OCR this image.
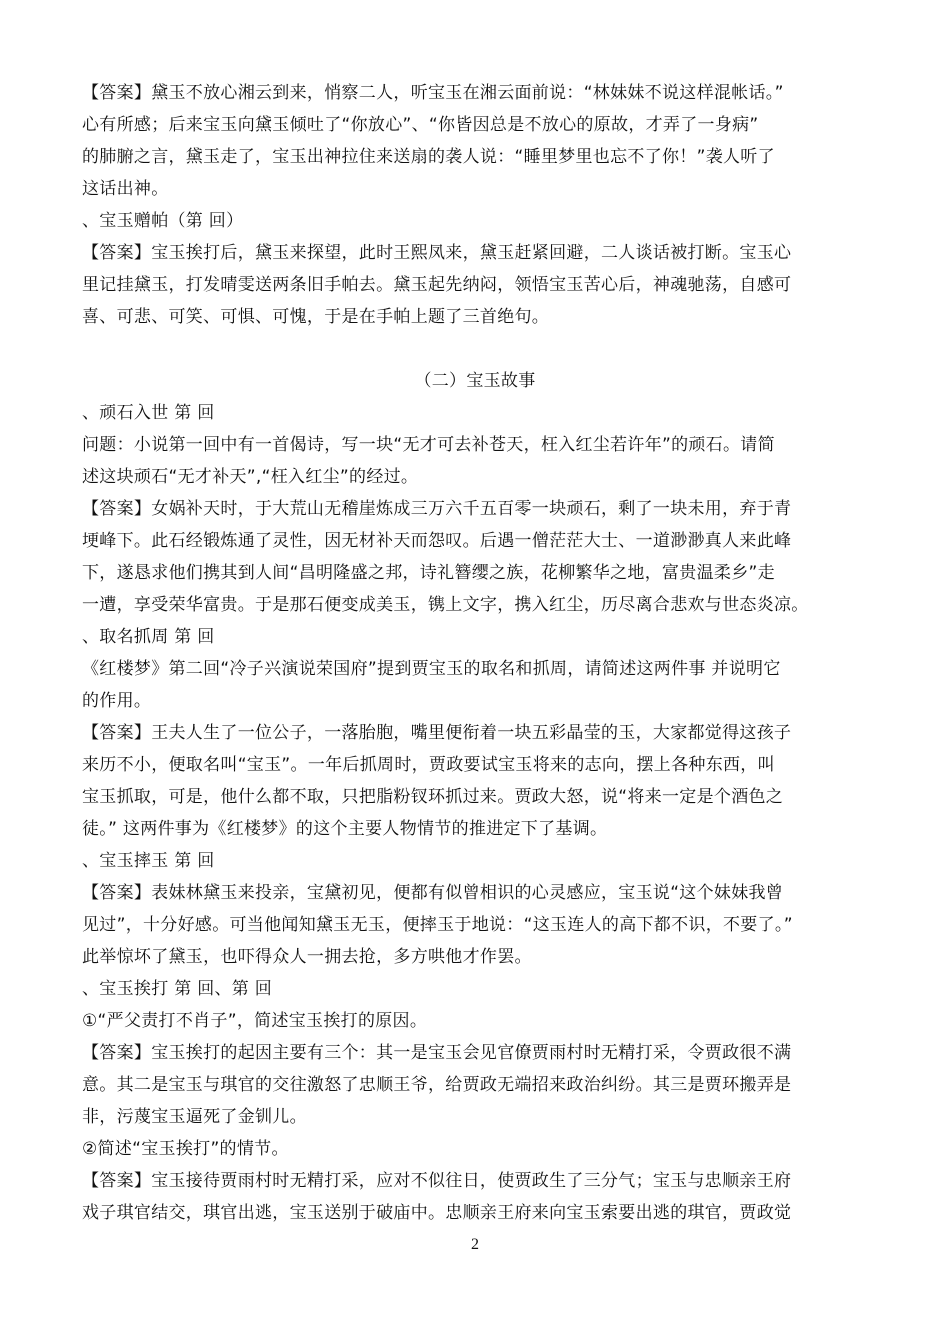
【答案】黛玉不放心湘云到来，悄察二人，听宝玉在湘云面前说：“林妹妹不说这样混帐话。”
心有所感；后来宝玉向黛玉倾吐了“你放心”、“你皆因总是不放心的原故，才弄了一身病”
的肺腑之言，黛玉走了，宝玉出神拉住来送扇的袭人说：“睡里梦里也忘不了你！”袭人听了
这话出神。
、宝玉赠帕（第 回）
【答案】宝玉挨打后，黛玉来探望，此时王熙凤来，黛玉赶紧回避，二人谈话被打断。宝玉心
里记挂黛玉，打发晴雯送两条旧手帕去。黛玉起先纳闷，领悟宝玉苦心后，神魂驰荡，自感可
喜、可悲、可笑、可惧、可愧，于是在手帕上题了三首绝句。
（二）宝玉故事
、顽石入世 第 回
问题：小说第一回中有一首偈诗，写一块“无才可去补苍天，枉入红尘若许年”的顽石。请简
述这块顽石“无才补天”,“枉入红尘”的经过。
【答案】女娲补天时，于大荒山无稽崖炼成三万六千五百零一块顽石，剩了一块未用，弃于青
埂峰下。此石经锻炼通了灵性，因无材补天而怨叹。后遇一僧茫茫大士、一道渺渺真人来此峰
下，遂恳求他们携其到人间“昌明隆盛之邦，诗礼簪缨之族，花柳繁华之地，富贵温柔乡”走
一遭，享受荣华富贵。于是那石便变成美玉，镌上文字，携入红尘，历尽离合悲欢与世态炎凉。
、取名抓周 第 回
《红楼梦》第二回“冷子兴演说荣国府”提到贾宝玉的取名和抓周，请简述这两件事 并说明它
的作用。
【答案】王夫人生了一位公子，一落胎胞，嘴里便衔着一块五彩晶莹的玉，大家都觉得这孩子
来历不小，便取名叫“宝玉”。一年后抓周时，贾政要试宝玉将来的志向，摆上各种东西，叫
宝玉抓取，可是，他什么都不取，只把脂粉钗环抓过来。贾政大怒，说“将来一定是个酒色之
徒。” 这两件事为《红楼梦》的这个主要人物情节的推进定下了基调。
、宝玉摔玉 第 回
【答案】表妹林黛玉来投亲，宝黛初见，便都有似曾相识的心灵感应，宝玉说“这个妹妹我曾
见过”，十分好感。可当他闻知黛玉无玉，便摔玉于地说：“这玉连人的高下都不识，不要了。”
此举惊坏了黛玉，也吓得众人一拥去抢，多方哄他才作罢。
、宝玉挨打 第 回、第 回
①“严父责打不肖子”，简述宝玉挨打的原因。
【答案】宝玉挨打的起因主要有三个：其一是宝玉会见官僚贾雨村时无精打采，令贾政很不满
意。其二是宝玉与琪官的交往激怒了忠顺王爷，给贾政无端招来政治纠纷。其三是贾环搬弄是
非，污蔑宝玉逼死了金钏儿。
②简述“宝玉挨打”的情节。
【答案】宝玉接待贾雨村时无精打采，应对不似往日，使贾政生了三分气；宝玉与忠顺亲王府
戏子琪官结交，琪官出逃，宝玉送别于破庙中。忠顺亲王府来向宝玉索要出逃的琪官，贾政觉
2
